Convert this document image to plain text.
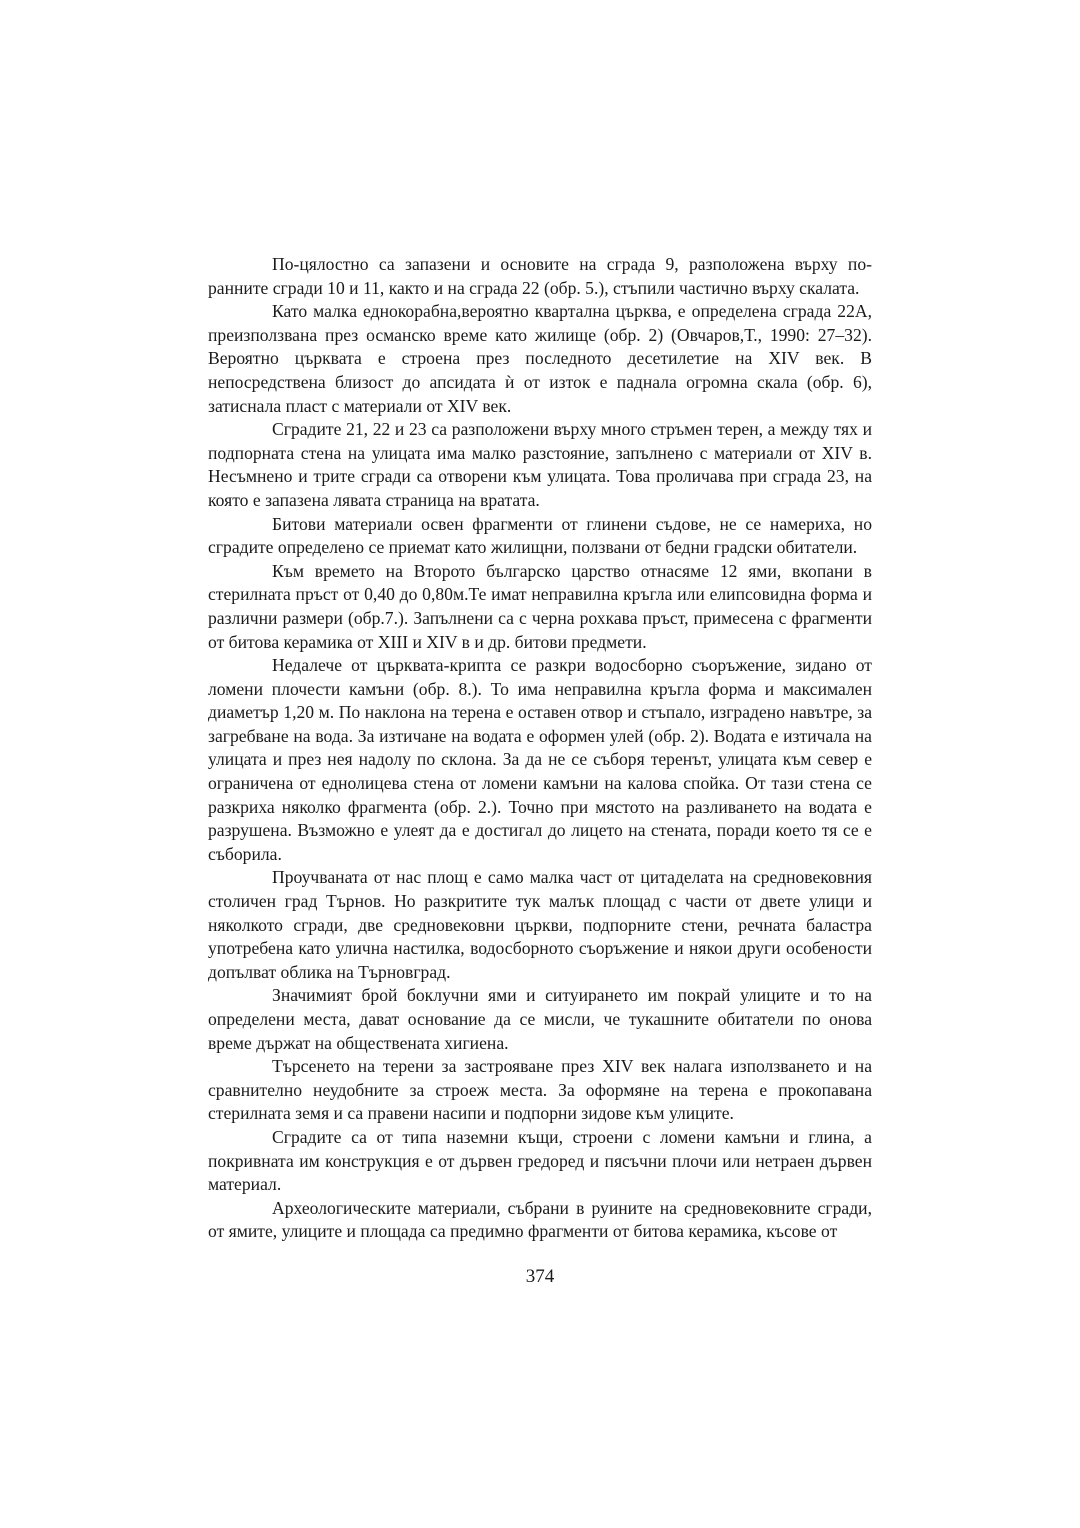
По-цялостно са запазени и основите на сграда 9, разположена върху по-ранните сгради 10 и 11, както и на сграда 22 (обр. 5.), стъпили частично върху скалата.

Като малка еднокорабна,вероятно квартална църква, е определена сграда 22А, преизползвана през османско време като жилище (обр. 2) (Овчаров,Т., 1990: 27–32). Вероятно църквата е строена през последното десетилетие на XIV век. В непосредствена близост до апсидата ѝ от изток е паднала огромна скала (обр. 6), затиснала пласт с материали от XIV век.

Сградите 21, 22 и 23 са разположени върху много стръмен терен, а между тях и подпорната стена на улицата има малко разстояние, запълнено с материали от XIV в. Несъмнено и трите сгради са отворени към улицата. Това проличава при сграда 23, на която е запазена лявата страница на вратата.

Битови материали освен фрагменти от глинени съдове, не се намериха, но сградите определено се приемат като жилищни, ползвани от бедни градски обитатели.

Към времето на Второто българско царство отнасяме 12 ями, вкопани в стерилната пръст от 0,40 до 0,80м.Те имат неправилна кръгла или елипсовидна форма и различни размери (обр.7.). Запълнени са с черна рохкава пръст, примесена с фрагменти от битова керамика от XIII и XIV в и др. битови предмети.

Недалече от църквата-крипта се разкри водосборно съоръжение, зидано от ломени плочести камъни (обр. 8.). То има неправилна кръгла форма и максимален диаметър 1,20 м. По наклона на терена е оставен отвор и стъпало, изградено навътре, за загребване на вода. За изтичане на водата е оформен улей (обр. 2). Водата е изтичала на улицата и през нея надолу по склона. За да не се съборя теренът, улицата към север е ограничена от еднолицева стена от ломени камъни на калова спойка. От тази стена се разкриха няколко фрагмента (обр. 2.). Точно при мястото на разливането на водата е разрушена. Възможно е улеят да е достигал до лицето на стената, поради което тя се е съборила.

Проучваната от нас площ е само малка част от цитаделата на средновековния столичен град Търнов. Но разкритите тук малък площад с части от двете улици и няколкото сгради, две средновековни църкви, подпорните стени, речната баластра употребена като улична настилка, водосборното съоръжение и някои други особености допълват облика на Търновград.

Значимият брой боклучни ями и ситуирането им покрай улиците и то на определени места, дават основание да се мисли, че тукашните обитатели по онова време държат на обществената хигиена.

Търсенето на терени за застрояване през XIV век налага използването и на сравнително неудобните за строеж места. За оформяне на терена е прокопавана стерилната земя и са правени насипи и подпорни зидове към улиците.

Сградите са от типа наземни къщи, строени с ломени камъни и глина, а покривната им конструкция е от дървен гредоред и пясъчни плочи или нетраен дървен материал.

Археологическите материали, събрани в руините на средновековните сгради, от ямите, улиците и площада са предимно фрагменти от битова керамика, късове от

374
